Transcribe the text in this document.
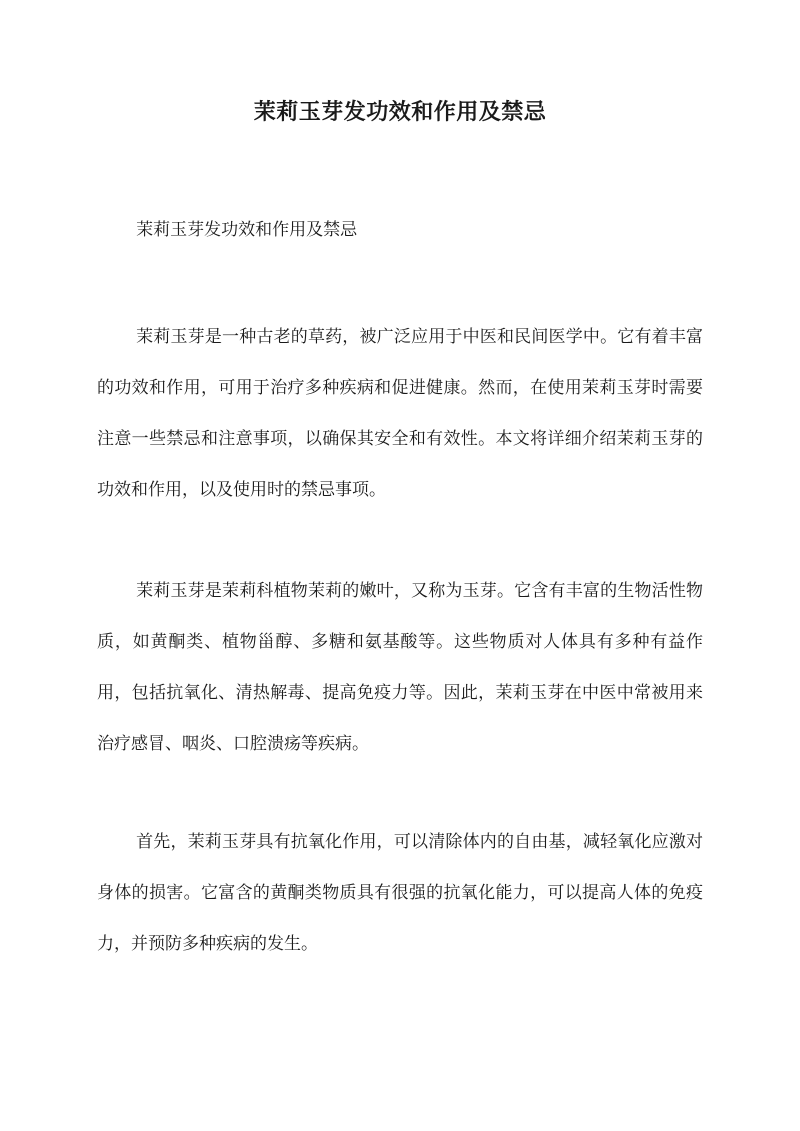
茉莉玉芽发功效和作用及禁忌

茉莉玉芽发功效和作用及禁忌

茉莉玉芽是一种古老的草药，被广泛应用于中医和民间医学中。它有着丰富的功效和作用，可用于治疗多种疾病和促进健康。然而，在使用茉莉玉芽时需要注意一些禁忌和注意事项，以确保其安全和有效性。本文将详细介绍茉莉玉芽的功效和作用，以及使用时的禁忌事项。

茉莉玉芽是茉莉科植物茉莉的嫩叶，又称为玉芽。它含有丰富的生物活性物质，如黄酮类、植物甾醇、多糖和氨基酸等。这些物质对人体具有多种有益作用，包括抗氧化、清热解毒、提高免疫力等。因此，茉莉玉芽在中医中常被用来治疗感冒、咽炎、口腔溃疡等疾病。

首先，茉莉玉芽具有抗氧化作用，可以清除体内的自由基，减轻氧化应激对身体的损害。它富含的黄酮类物质具有很强的抗氧化能力，可以提高人体的免疫力，并预防多种疾病的发生。
